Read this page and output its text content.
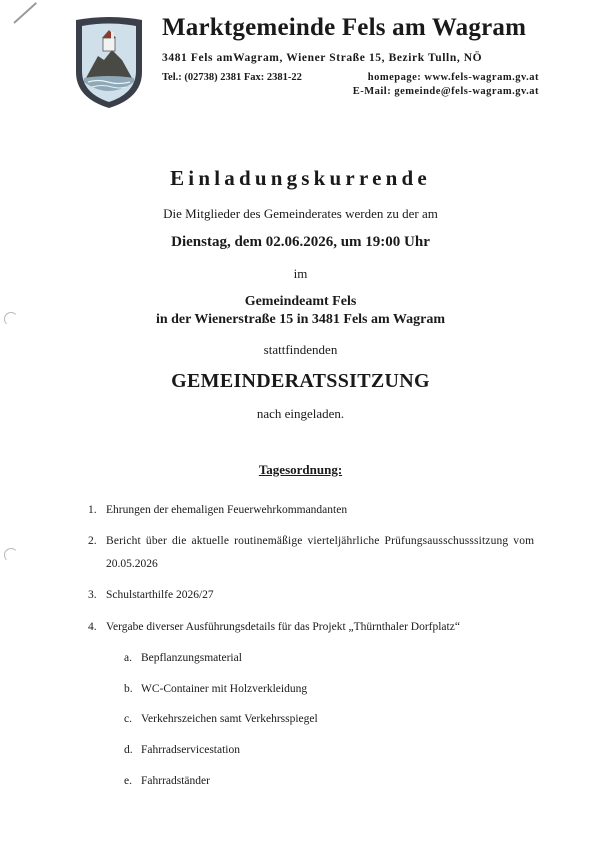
Marktgemeinde Fels am Wagram
3481 Fels amWagram, Wiener Straße 15, Bezirk Tulln, NÖ
Tel.: (02738) 2381 Fax: 2381-22	homepage: www.fels-wagram.gv.at
E-Mail: gemeinde@fels-wagram.gv.at
Einladungskurrende
Die Mitglieder des Gemeinderates werden zu der am
Dienstag, dem 02.06.2026, um 19:00 Uhr
im
Gemeindeamt Fels
in der Wienerstraße 15 in 3481 Fels am Wagram
stattfindenden
GEMEINDERATSSITZUNG
nach eingeladen.
Tagesordnung:
1. Ehrungen der ehemaligen Feuerwehrkommandanten
2. Bericht über die aktuelle routinemäßige vierteljährliche Prüfungsausschusssitzung vom
20.05.2026
3. Schulstarthilfe 2026/27
4. Vergabe diverser Ausführungsdetails für das Projekt „Thürnthaler Dorfplatz“
a. Bepflanzungsmaterial
b. WC-Container mit Holzverkleidung
c. Verkehrszeichen samt Verkehrsspiegel
d. Fahrradservicestation
e. Fahrradständer
